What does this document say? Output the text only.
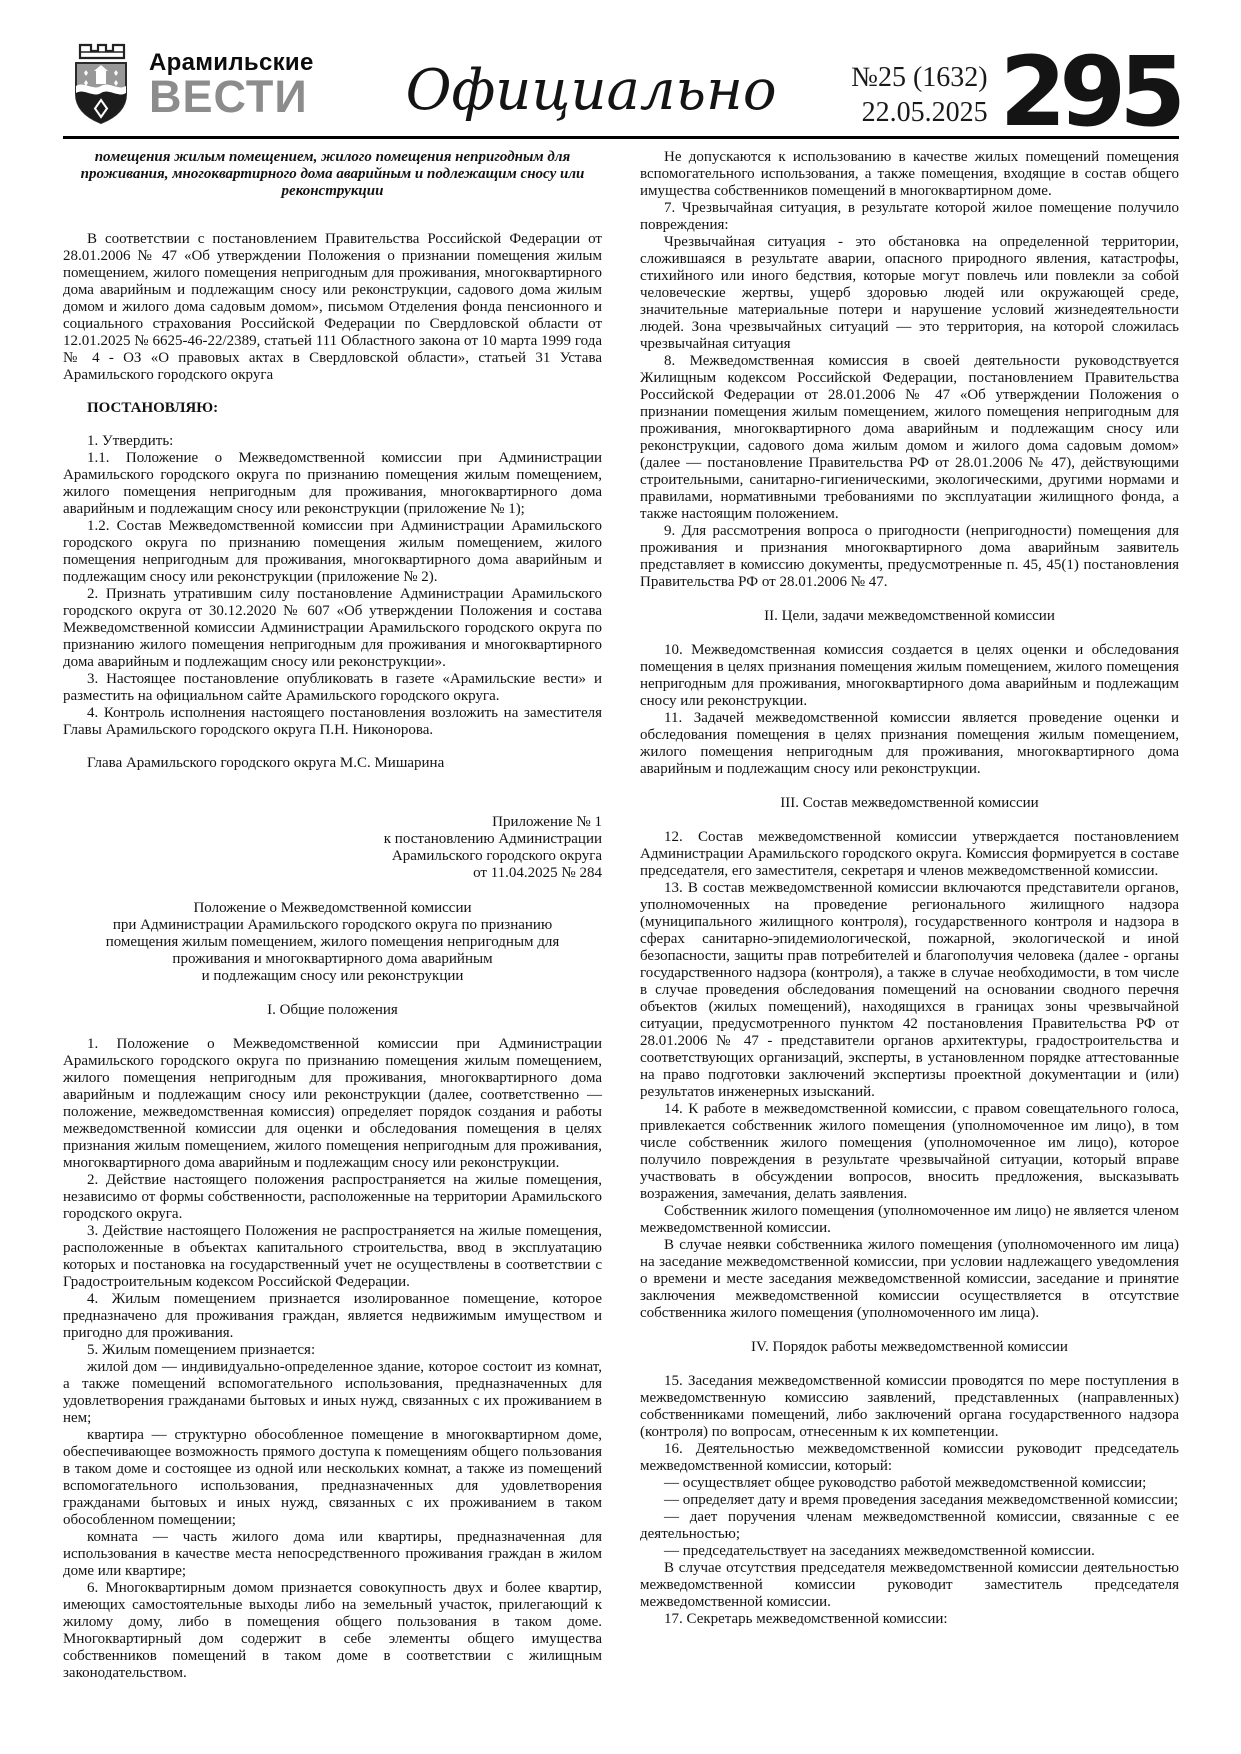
Арамильские
ВЕСТИ	Официально	№25 (1632)
22.05.2025 295

помещения жилым помещением, жилого помещения непригодным для проживания, многоквартирного дома аварийным и подлежащим сносу или реконструкции

В соответствии с постановлением Правительства Российской Федерации от 28.01.2006 № 47 «Об утверждении Положения о признании помещения жилым помещением, жилого помещения непригодным для проживания, многоквартирного дома аварийным и подлежащим сносу или реконструкции, садового дома жилым домом и жилого дома садовым домом», письмом Отделения фонда пенсионного и социального страхования Российской Федерации по Свердловской области от 12.01.2025 № 6625-46-22/2389, статьей 111 Областного закона от 10 марта 1999 года № 4 - ОЗ «О правовых актах в Свердловской области», статьей 31 Устава Арамильского городского округа

ПОСТАНОВЛЯЮ:

1. Утвердить:

1.1. Положение о Межведомственной комиссии при Администрации Арамильского городского округа по признанию помещения жилым помещением, жилого помещения непригодным для проживания, многоквартирного дома аварийным и подлежащим сносу или реконструкции (приложение № 1);

1.2. Состав Межведомственной комиссии при Администрации Арамильского городского округа по признанию помещения жилым помещением, жилого помещения непригодным для проживания, многоквартирного дома аварийным и подлежащим сносу или реконструкции (приложение № 2).

2. Признать утратившим силу постановление Администрации Арамильского городского округа от 30.12.2020 № 607 «Об утверждении Положения и состава Межведомственной комиссии Администрации Арамильского городского округа по признанию жилого помещения непригодным для проживания и многоквартирного дома аварийным и подлежащим сносу или реконструкции».

3. Настоящее постановление опубликовать в газете «Арамильские вести» и разместить на официальном сайте Арамильского городского округа.

4. Контроль исполнения настоящего постановления возложить на заместителя Главы Арамильского городского округа П.Н. Никонорова.

Глава Арамильского городского округа М.С. Мишарина

Приложение № 1
к постановлению Администрации
Арамильского городского округа
от 11.04.2025 № 284
Положение о Межведомственной комиссии
при Администрации Арамильского городского округа по признанию
помещения жилым помещением, жилого помещения непригодным для
проживания и многоквартирного дома аварийным
и подлежащим сносу или реконструкции

I. Общие положения

1. Положение о Межведомственной комиссии при Администрации Арамильского городского округа по признанию помещения жилым помещением, жилого помещения непригодным для проживания, многоквартирного дома аварийным и подлежащим сносу или реконструкции (далее, соответственно — положение, межведомственная комиссия) определяет порядок создания и работы межведомственной комиссии для оценки и обследования помещения в целях признания жилым помещением, жилого помещения непригодным для проживания, многоквартирного дома аварийным и подлежащим сносу или реконструкции.

2. Действие настоящего положения распространяется на жилые помещения, независимо от формы собственности, расположенные на территории Арамильского городского округа.

3. Действие настоящего Положения не распространяется на жилые помещения, расположенные в объектах капитального строительства, ввод в эксплуатацию которых и постановка на государственный учет не осуществлены в соответствии с Градостроительным кодексом Российской Федерации.

4. Жилым помещением признается изолированное помещение, которое предназначено для проживания граждан, является недвижимым имуществом и пригодно для проживания.

5. Жилым помещением признается:

жилой дом — индивидуально-определенное здание, которое состоит из комнат, а также помещений вспомогательного использования, предназначенных для удовлетворения гражданами бытовых и иных нужд, связанных с их проживанием в нем;

квартира — структурно обособленное помещение в многоквартирном доме, обеспечивающее возможность прямого доступа к помещениям общего пользования в таком доме и состоящее из одной или нескольких комнат, а также из помещений вспомогательного использования, предназначенных для удовлетворения гражданами бытовых и иных нужд, связанных с их проживанием в таком обособленном помещении;

комната — часть жилого дома или квартиры, предназначенная для использования в качестве места непосредственного проживания граждан в жилом доме или квартире;

6. Многоквартирным домом признается совокупность двух и более квартир, имеющих самостоятельные выходы либо на земельный участок, прилегающий к жилому дому, либо в помещения общего пользования в таком доме. Многоквартирный дом содержит в себе элементы общего имущества собственников помещений в таком доме в соответствии с жилищным законодательством.

Не допускаются к использованию в качестве жилых помещений помещения вспомогательного использования, а также помещения, входящие в состав общего имущества собственников помещений в многоквартирном доме.

7. Чрезвычайная ситуация, в результате которой жилое помещение получило повреждения:

Чрезвычайная ситуация - это обстановка на определенной территории, сложившаяся в результате аварии, опасного природного явления, катастрофы, стихийного или иного бедствия, которые могут повлечь или повлекли за собой человеческие жертвы, ущерб здоровью людей или окружающей среде, значительные материальные потери и нарушение условий жизнедеятельности людей. Зона чрезвычайных ситуаций — это территория, на которой сложилась чрезвычайная ситуация

8. Межведомственная комиссия в своей деятельности руководствуется Жилищным кодексом Российской Федерации, постановлением Правительства Российской Федерации от 28.01.2006 № 47 «Об утверждении Положения о признании помещения жилым помещением, жилого помещения непригодным для проживания, многоквартирного дома аварийным и подлежащим сносу или реконструкции, садового дома жилым домом и жилого дома садовым домом» (далее — постановление Правительства РФ от 28.01.2006 № 47), действующими строительными, санитарно-гигиеническими, экологическими, другими нормами и правилами, нормативными требованиями по эксплуатации жилищного фонда, а также настоящим положением.

9. Для рассмотрения вопроса о пригодности (непригодности) помещения для проживания и признания многоквартирного дома аварийным заявитель представляет в комиссию документы, предусмотренные п. 45, 45(1) постановления Правительства РФ от 28.01.2006 № 47.

II. Цели, задачи межведомственной комиссии

10. Межведомственная комиссия создается в целях оценки и обследования помещения в целях признания помещения жилым помещением, жилого помещения непригодным для проживания, многоквартирного дома аварийным и подлежащим сносу или реконструкции.

11. Задачей межведомственной комиссии является проведение оценки и обследования помещения в целях признания помещения жилым помещением, жилого помещения непригодным для проживания, многоквартирного дома аварийным и подлежащим сносу или реконструкции.

III. Состав межведомственной комиссии

12. Состав межведомственной комиссии утверждается постановлением Администрации Арамильского городского округа. Комиссия формируется в составе председателя, его заместителя, секретаря и членов межведомственной комиссии.

13. В состав межведомственной комиссии включаются представители органов, уполномоченных на проведение регионального жилищного надзора (муниципального жилищного контроля), государственного контроля и надзора в сферах санитарно-эпидемиологической, пожарной, экологической и иной безопасности, защиты прав потребителей и благополучия человека (далее - органы государственного надзора (контроля), а также в случае необходимости, в том числе в случае проведения обследования помещений на основании сводного перечня объектов (жилых помещений), находящихся в границах зоны чрезвычайной ситуации, предусмотренного пунктом 42 постановления Правительства РФ от 28.01.2006 № 47 - представители органов архитектуры, градостроительства и соответствующих организаций, эксперты, в установленном порядке аттестованные на право подготовки заключений экспертизы проектной документации и (или) результатов инженерных изысканий.

14. К работе в межведомственной комиссии, с правом совещательного голоса, привлекается собственник жилого помещения (уполномоченное им лицо), в том числе собственник жилого помещения (уполномоченное им лицо), которое получило повреждения в результате чрезвычайной ситуации, который вправе участвовать в обсуждении вопросов, вносить предложения, высказывать возражения, замечания, делать заявления.

Собственник жилого помещения (уполномоченное им лицо) не является членом межведомственной комиссии.

В случае неявки собственника жилого помещения (уполномоченного им лица) на заседание межведомственной комиссии, при условии надлежащего уведомления о времени и месте заседания межведомственной комиссии, заседание и принятие заключения межведомственной комиссии осуществляется в отсутствие собственника жилого помещения (уполномоченного им лица).

IV. Порядок работы межведомственной комиссии

15. Заседания межведомственной комиссии проводятся по мере поступления в межведомственную комиссию заявлений, представленных (направленных) собственниками помещений, либо заключений органа государственного надзора (контроля) по вопросам, отнесенным к их компетенции.

16. Деятельностью межведомственной комиссии руководит председатель межведомственной комиссии, который:

— осуществляет общее руководство работой межведомственной комиссии;

— определяет дату и время проведения заседания межведомственной комиссии;

— дает поручения членам межведомственной комиссии, связанные с ее деятельностью;

— председательствует на заседаниях межведомственной комиссии.

В случае отсутствия председателя межведомственной комиссии деятельностью межведомственной комиссии руководит заместитель председателя межведомственной комиссии.

17. Секретарь межведомственной комиссии:
